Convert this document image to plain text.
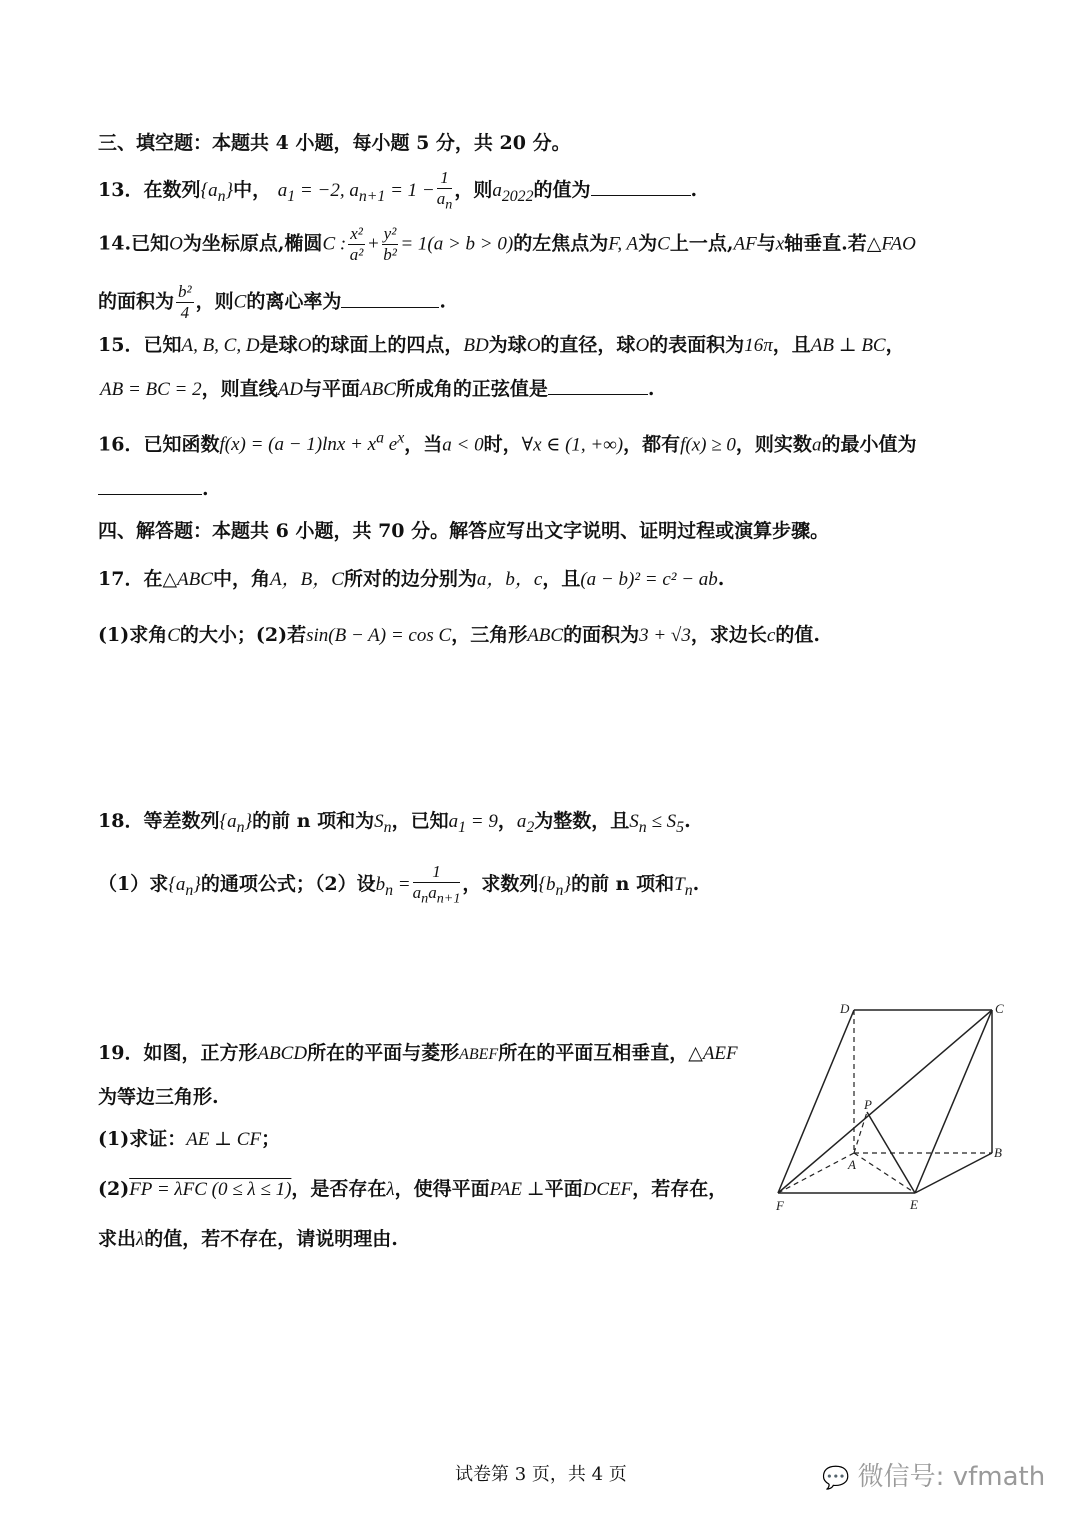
三、填空题：本题共 4 小题，每小题 5 分，共 20 分。
13．在数列$\{a_n\}$中， $a_1 = -2$, $a_{n+1} = 1 - \frac{1}{a_n}$ ，则$a_{2022}$的值为	.
14.已知O为坐标原点,椭圆C : $\frac{\text{x²}}{\text{a²}} + \frac{\text{y²}}{\text{b²}} = 1(a > b > 0)$的左焦点为F, A为C上一点,AF与x轴垂直.若△FAO
的面积为 $\frac{\text{b²}}{4}$ ，则C的离心率为	.
15．已知A, B, C, D是球O的球面上的四点，BD为球O的直径，球O的表面积为16π，且AB ⊥ BC，
AB = BC = 2，则直线AD与平面ABC所成角的正弦值是	.
16．已知函数$f(x) = (a - 1)\ln x + x^a$ $e^x$，当a < 0时，∀x ∈ (1, +∞)，都有f(x) ≥ 0，则实数a的最小值为
.
四、解答题：本题共 6 小题，共 70 分。解答应写出文字说明、证明过程或演算步骤。
17．在△ABC中，角A，B，C所对的边分别为a，b，c，且(a − b)² = c² − ab.
(1)求角C的大小；(2)若sin(B − A) = cos C，三角形ABC的面积为3 + √3，求边长c的值.
18．等差数列$\{a_n\}$的前 n 项和为$S_n$，已知$a_1 = 9$，$a_2$为整数，且$S_n \le S_5$.
（1）求$\{a_n\}$的通项公式；（2）设$b_n = \frac{1}{a_na_{n+1}}$ ，求数列$\{b_n\}$的前 n 项和$T_n$.
19．如图，正方形ABCD所在的平面与菱形ABEF所在的平面互相垂直，△AEF
为等边三角形.
(1)求证：AE ⊥ CF；
(2)FP = λFC (0 ≤ λ ≤ 1)，是否存在λ，使得平面PAE ⊥平面DCEF，若存在，
求出λ的值，若不存在，请说明理由.
D	C
P
A
B
F	E
试卷第 3 页，共 4 页	💬 微信号: vfmath
